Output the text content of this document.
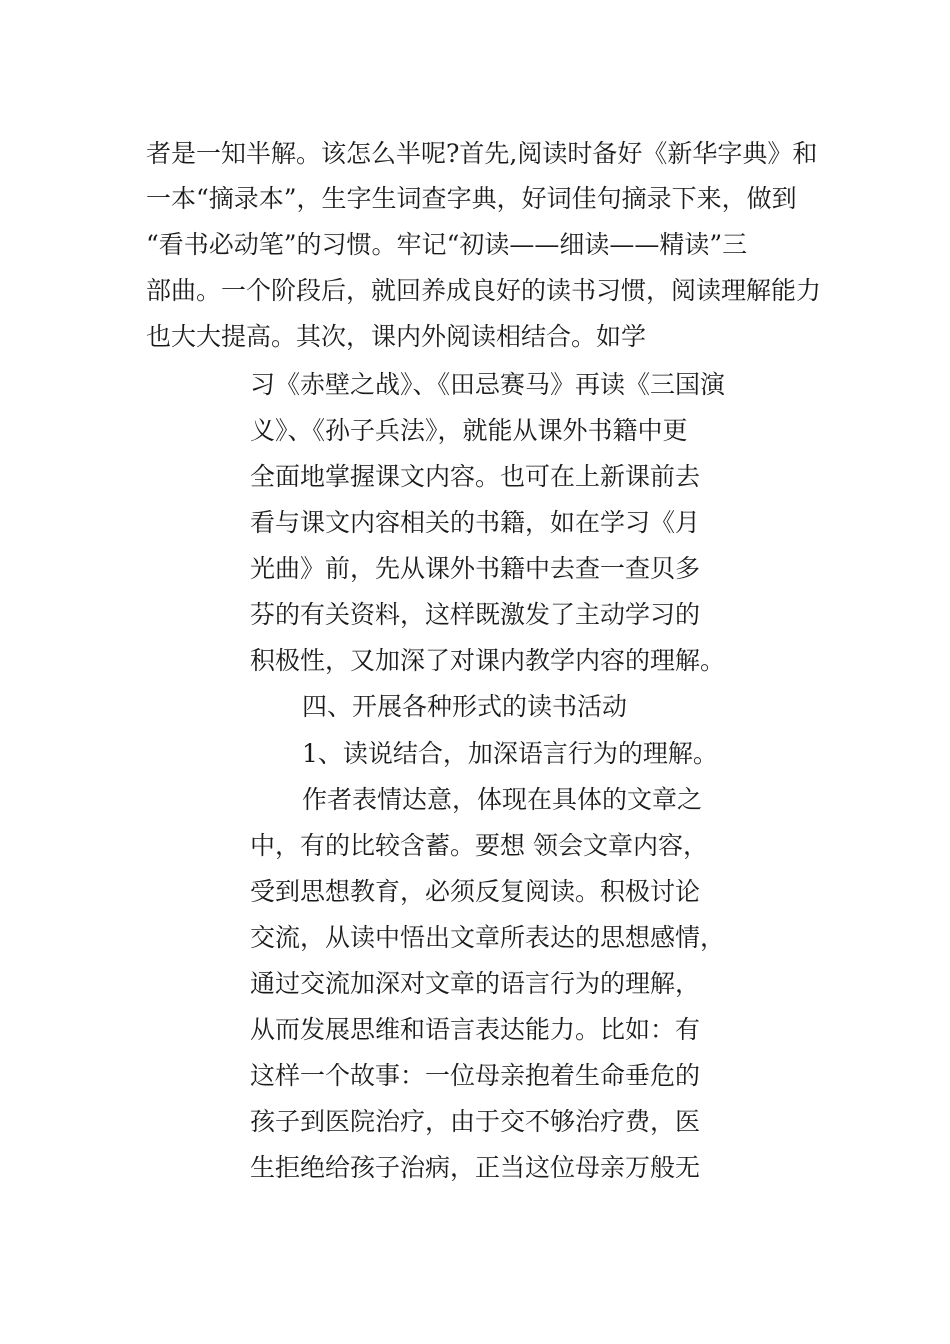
者是一知半解。该怎么半呢?首先,阅读时备好《新华字典》和
一本“摘录本”，生字生词查字典，好词佳句摘录下来，做到
“看书必动笔”的习惯。牢记“初读——细读——精读”三
部曲。一个阶段后，就回养成良好的读书习惯，阅读理解能力
也大大提高。其次，课内外阅读相结合。如学
习《赤壁之战》、《田忌赛马》再读《三国演
义》、《孙子兵法》，就能从课外书籍中更
全面地掌握课文内容。也可在上新课前去
看与课文内容相关的书籍，如在学习《月
光曲》前，先从课外书籍中去查一查贝多
芬的有关资料，这样既激发了主动学习的
积极性，又加深了对课内教学内容的理解。
四、开展各种形式的读书活动
1、读说结合，加深语言行为的理解。
作者表情达意，体现在具体的文章之
中，有的比较含蓄。要想 领会文章内容，
受到思想教育，必须反复阅读。积极讨论
交流，从读中悟出文章所表达的思想感情，
通过交流加深对文章的语言行为的理解，
从而发展思维和语言表达能力。比如：有
这样一个故事：一位母亲抱着生命垂危的
孩子到医院治疗，由于交不够治疗费，医
生拒绝给孩子治病，正当这位母亲万般无
